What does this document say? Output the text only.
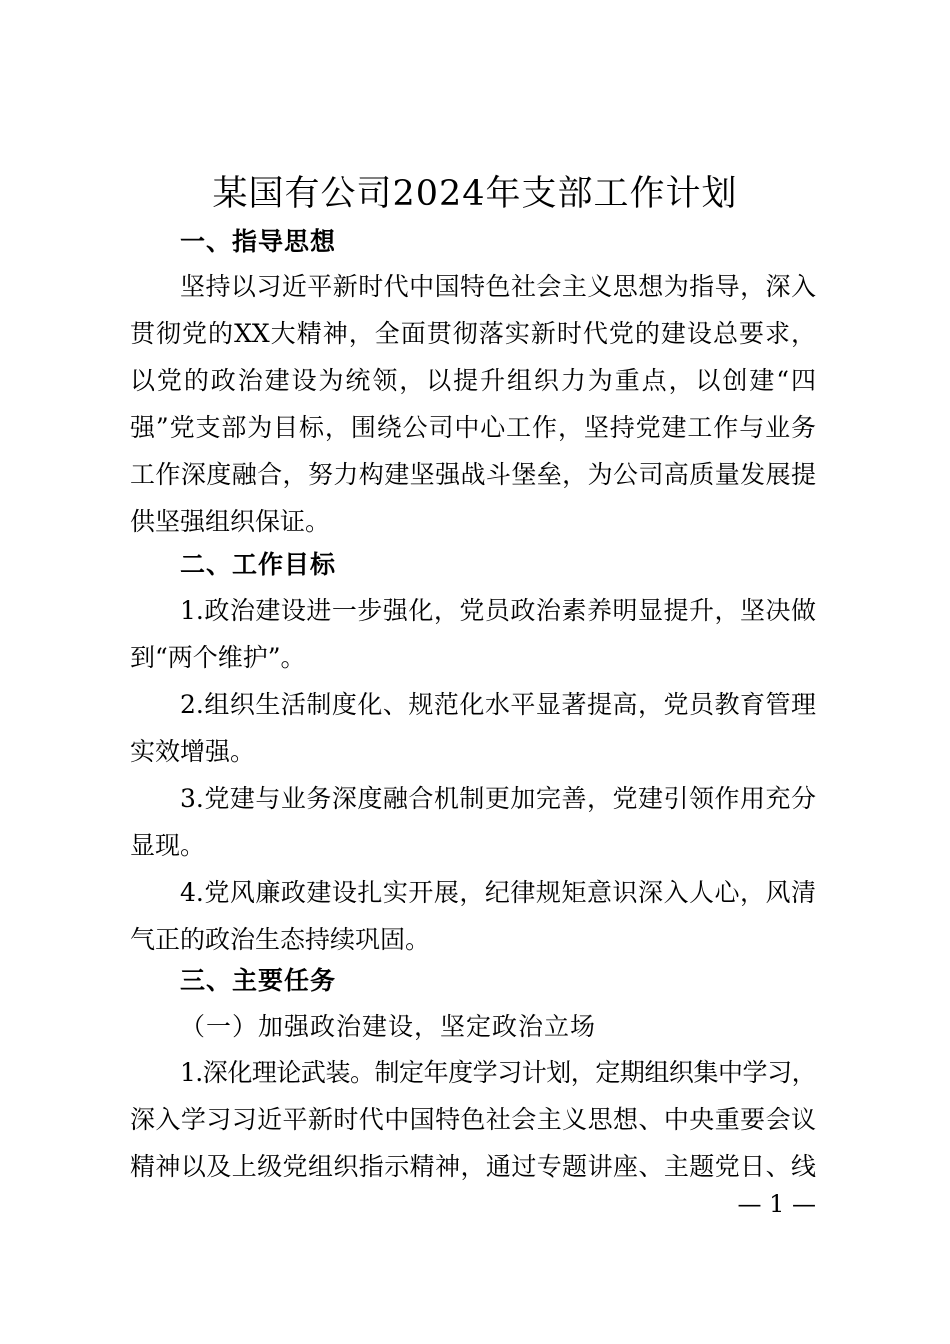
某国有公司2024年支部工作计划
一、指导思想
坚持以习近平新时代中国特色社会主义思想为指导，深入
贯彻党的XX大精神，全面贯彻落实新时代党的建设总要求，
以党的政治建设为统领，以提升组织力为重点，以创建“四
强”党支部为目标，围绕公司中心工作，坚持党建工作与业务
工作深度融合，努力构建坚强战斗堡垒，为公司高质量发展提
供坚强组织保证。
二、工作目标
1.政治建设进一步强化，党员政治素养明显提升，坚决做
到“两个维护”。
2.组织生活制度化、规范化水平显著提高，党员教育管理
实效增强。
3.党建与业务深度融合机制更加完善，党建引领作用充分
显现。
4.党风廉政建设扎实开展，纪律规矩意识深入人心，风清
气正的政治生态持续巩固。
三、主要任务
（一）加强政治建设，坚定政治立场
1.深化理论武装。制定年度学习计划，定期组织集中学习，
深入学习习近平新时代中国特色社会主义思想、中央重要会议
精神以及上级党组织指示精神，通过专题讲座、主题党日、线
— 1 —
